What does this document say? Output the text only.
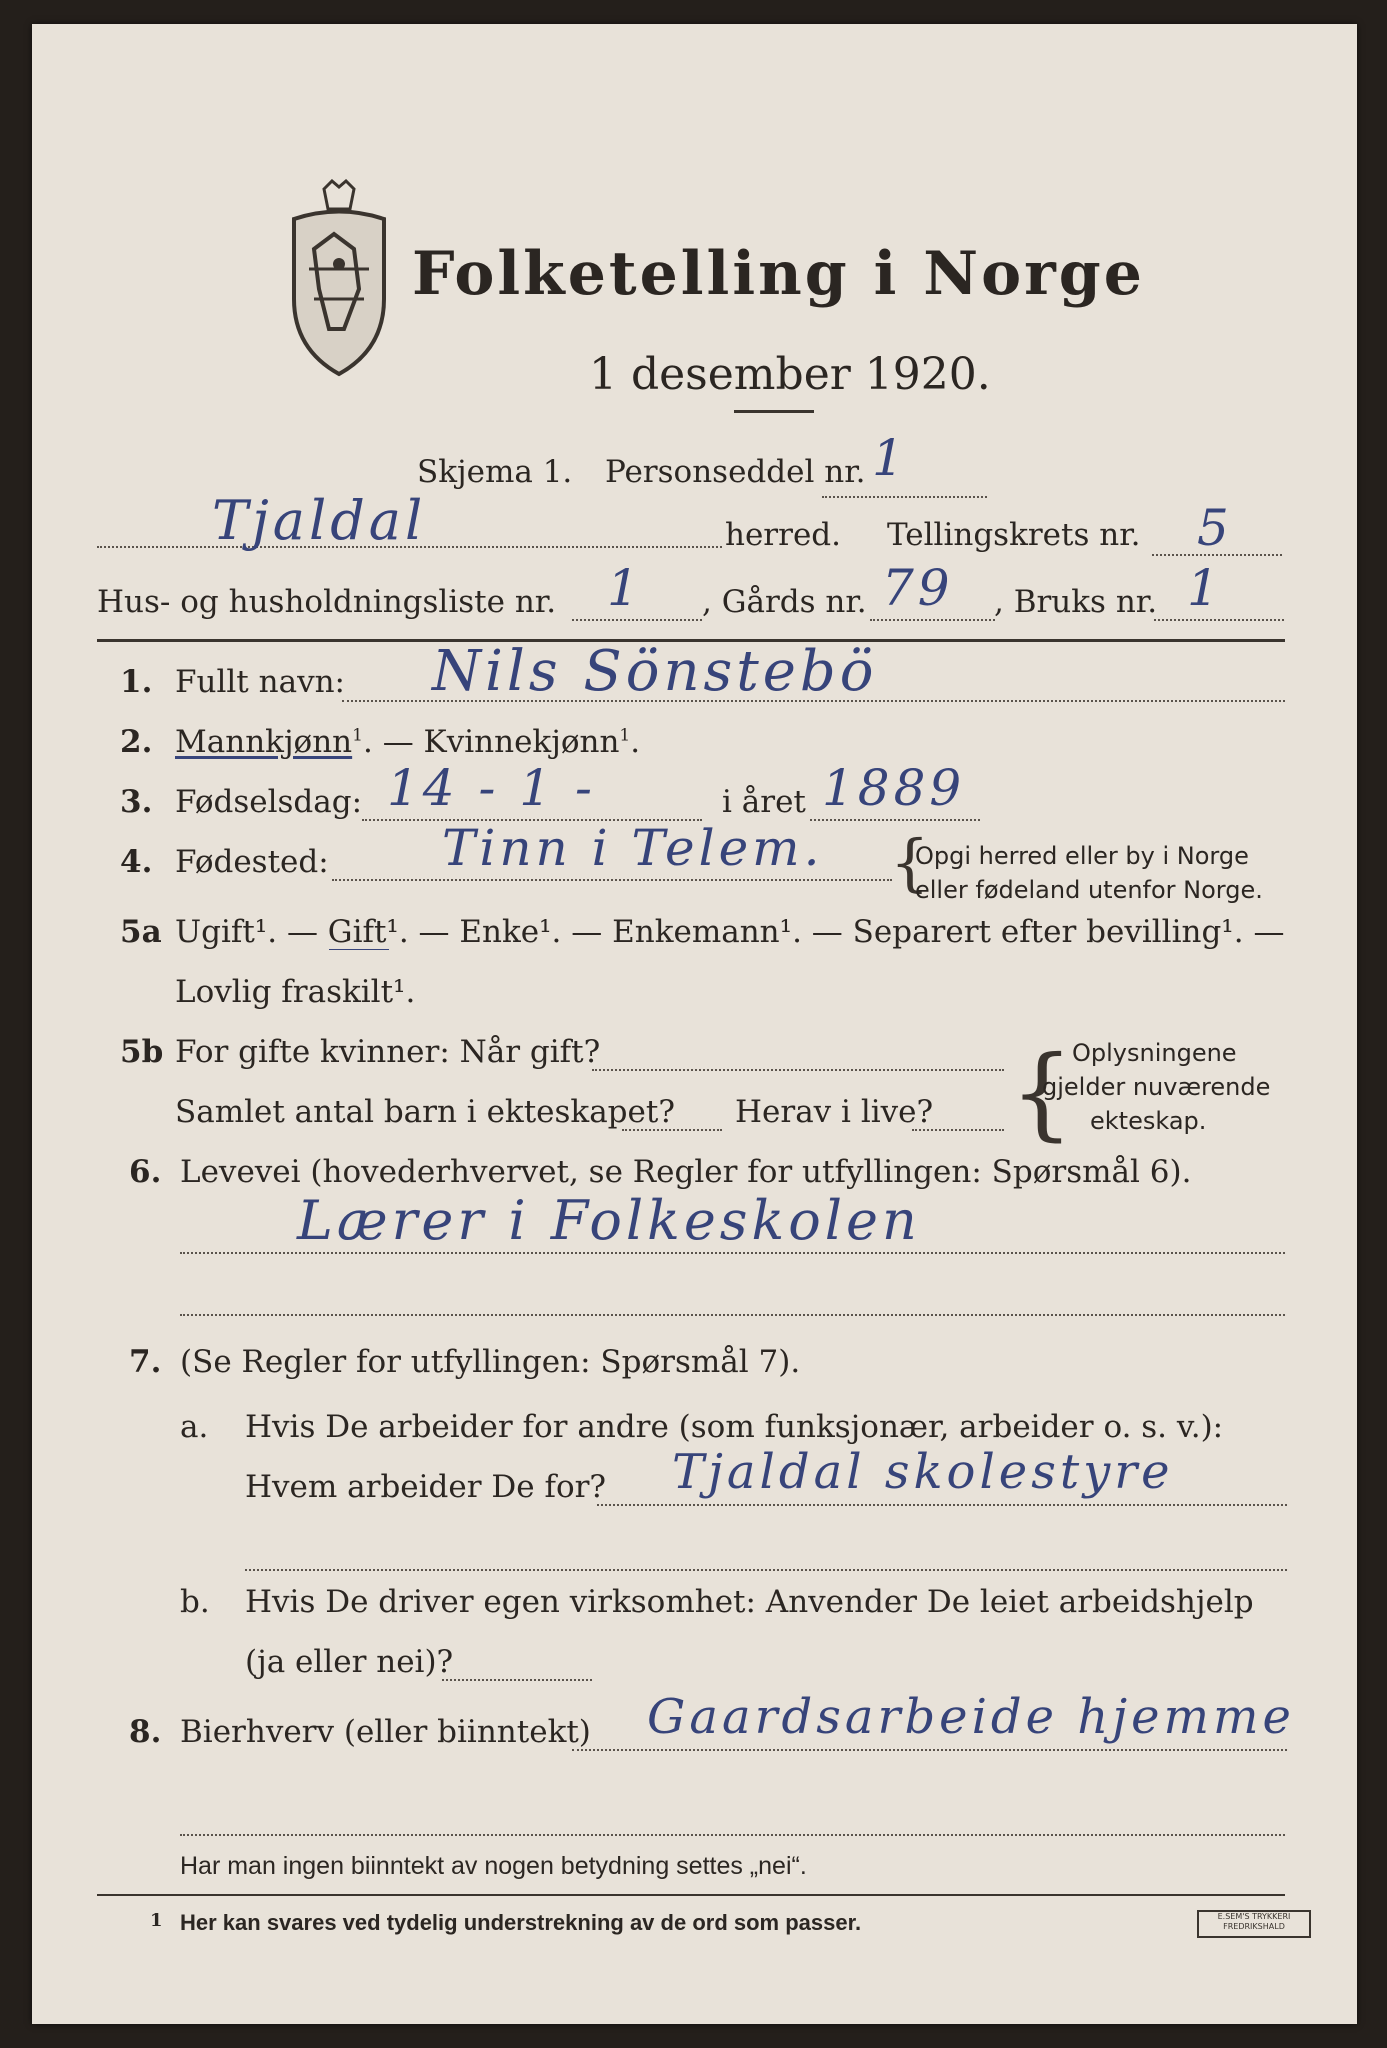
Folketelling i Norge
1 desember 1920.
Skjema 1. Personseddel nr. 1
Tjaldal	herred. Tellingskrets nr. 5
Hus- og husholdningsliste nr. 1 , Gårds nr. 79 , Bruks nr. 1
1. Fullt navn: Nils Sönstebö
2. Mannkjønn$^1$. — Kvinnekjønn$^1$.
3. Fødselsdag: 14 - 1 -	i året 1889
4. Fødested: Tinn i Telem. {
Opgi herred eller by i Norge
eller fødeland utenfor Norge.
5a Ugift¹. — Gift¹. — Enke¹. — Enkemann¹. — Separert efter bevilling¹. —
Lovlig fraskilt¹.
5b For gifte kvinner: Når gift?
Samlet antal barn i ekteskapet? Herav i live? {
Oplysningene
gjelder nuværende
ekteskap.
6. Levevei (hovederhvervet, se Regler for utfyllingen: Spørsmål 6).
Lærer i Folkeskolen
7. (Se Regler for utfyllingen: Spørsmål 7).
a. Hvis De arbeider for andre (som funksjonær, arbeider o. s. v.):
Hvem arbeider De for? Tjaldal skolestyre
b. Hvis De driver egen virksomhet: Anvender De leiet arbeidshjelp
(ja eller nei)?
8. Bierhverv (eller biinntekt) Gaardsarbeide hjemme
Har man ingen biinntekt av nogen betydning settes „nei“.
1 Her kan svares ved tydelig understrekning av de ord som passer.	E.SEM'S TRYKKERI
FREDRIKSHALD
